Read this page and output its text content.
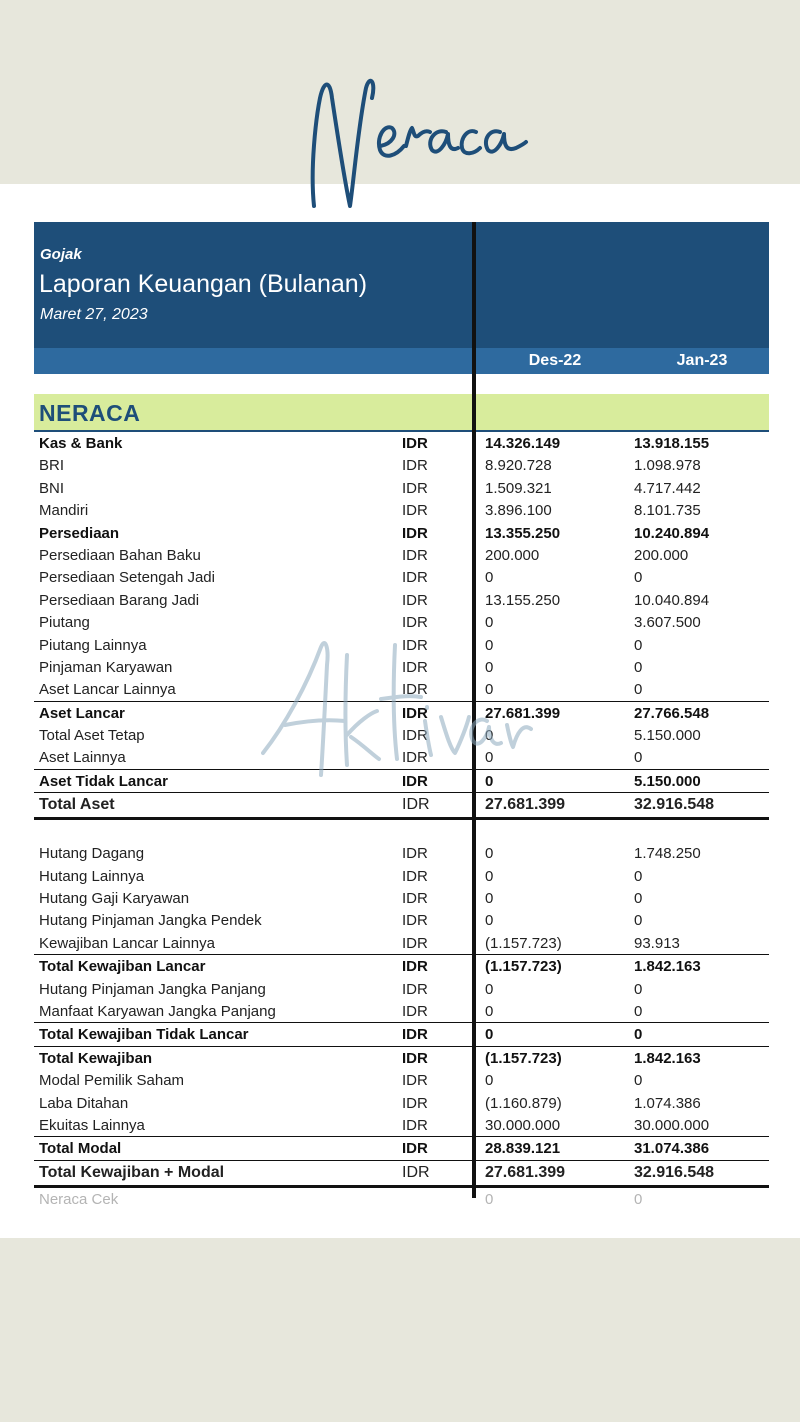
Gojak
Laporan Keuangan (Bulanan)
Maret 27, 2023
Des-22	Jan-23
NERACA
Kas & Bank	IDR	14.326.149	13.918.155
BRI	IDR	8.920.728	1.098.978
BNI	IDR	1.509.321	4.717.442
Mandiri	IDR	3.896.100	8.101.735
Persediaan	IDR	13.355.250	10.240.894
Persediaan Bahan Baku	IDR	200.000	200.000
Persediaan Setengah Jadi	IDR	0	0
Persediaan Barang Jadi	IDR	13.155.250	10.040.894
Piutang	IDR	0	3.607.500
Piutang Lainnya	IDR	0	0
Pinjaman Karyawan	IDR	0	0
Aset Lancar Lainnya	IDR	0	0
Aset Lancar	IDR	27.681.399	27.766.548
Total Aset Tetap	IDR	0	5.150.000
Aset Lainnya	IDR	0	0
Aset Tidak Lancar	IDR	0	5.150.000
Total Aset	IDR	27.681.399	32.916.548
Hutang Dagang	IDR	0	1.748.250
Hutang Lainnya	IDR	0	0
Hutang Gaji Karyawan	IDR	0	0
Hutang Pinjaman Jangka Pendek	IDR	0	0
Kewajiban Lancar Lainnya	IDR	(1.157.723)	93.913
Total Kewajiban Lancar	IDR	(1.157.723)	1.842.163
Hutang Pinjaman Jangka Panjang	IDR	0	0
Manfaat Karyawan Jangka Panjang	IDR	0	0
Total Kewajiban Tidak Lancar	IDR	0	0
Total Kewajiban	IDR	(1.157.723)	1.842.163
Modal Pemilik Saham	IDR	0	0
Laba Ditahan	IDR	(1.160.879)	1.074.386
Ekuitas Lainnya	IDR	30.000.000	30.000.000
Total Modal	IDR	28.839.121	31.074.386
Total Kewajiban + Modal	IDR	27.681.399	32.916.548
Neraca Cek	0	0
